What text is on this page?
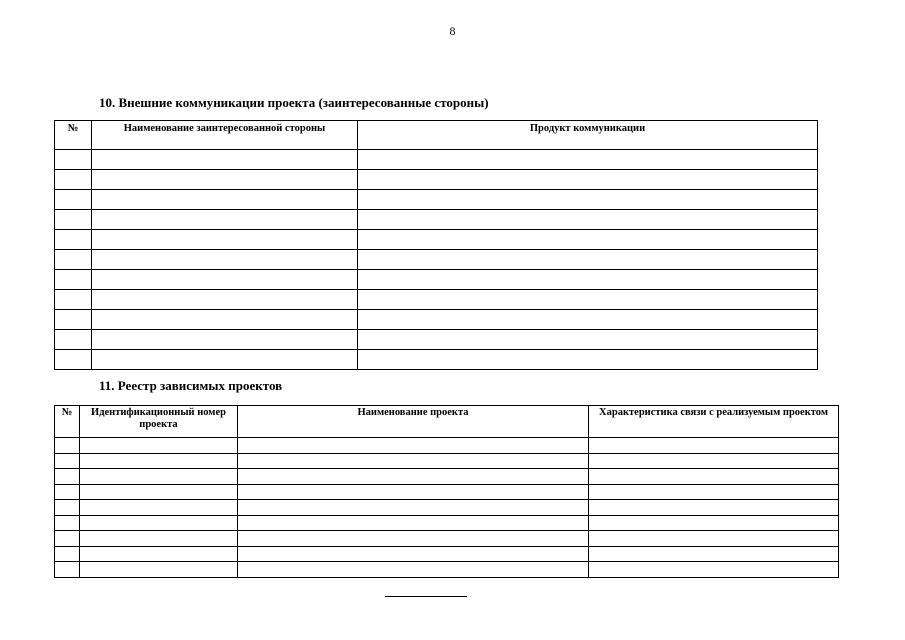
8
10. Внешние коммуникации проекта (заинтересованные стороны)
№	Наименование заинтересованной стороны	Продукт коммуникации

11. Реестр зависимых проектов
№	Идентификационный номер проекта	Наименование проекта	Характеристика связи с реализуемым проектом
